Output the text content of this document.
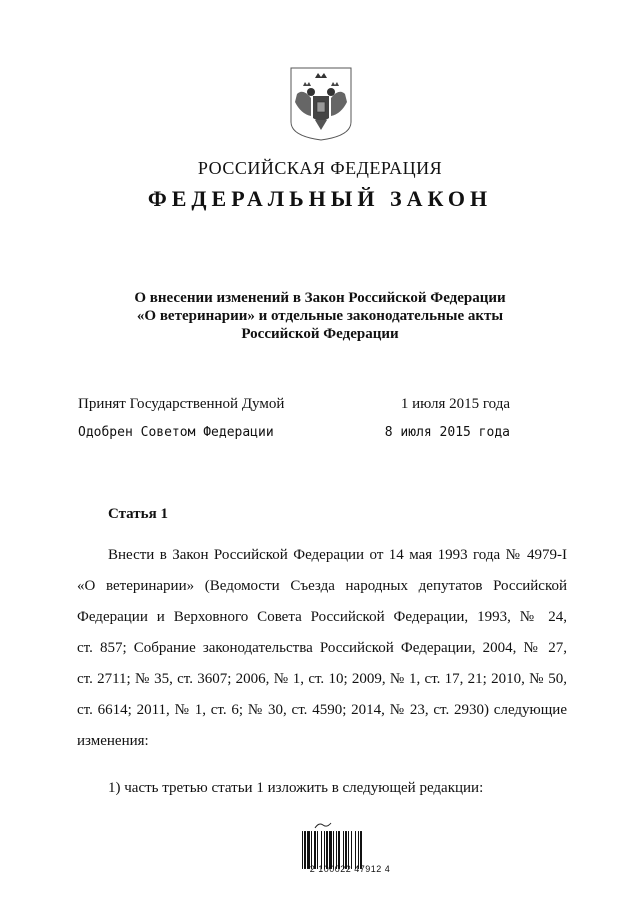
РОССИЙСКАЯ ФЕДЕРАЦИЯ
ФЕДЕРАЛЬНЫЙ ЗАКОН
О внесении изменений в Закон Российской Федерации
«О ветеринарии» и отдельные законодательные акты
Российской Федерации
Принят Государственной Думой	1 июля 2015 года
Одобрен Советом Федерации	8 июля 2015 года
Статья 1
Внести в Закон Российской Федерации от 14 мая 1993 года № 4979-I
«О ветеринарии» (Ведомости Съезда народных депутатов Российской
Федерации и Верховного Совета Российской Федерации, 1993, № 24,
ст. 857; Собрание законодательства Российской Федерации, 2004, № 27,
ст. 2711; № 35, ст. 3607; 2006, № 1, ст. 10; 2009, № 1, ст. 17, 21; 2010, № 50,
ст. 6614; 2011, № 1, ст. 6; № 30, ст. 4590; 2014, № 23, ст. 2930) следующие
изменения:
1) часть третью статьи 1 изложить в следующей редакции:
2 100022 47912 4
